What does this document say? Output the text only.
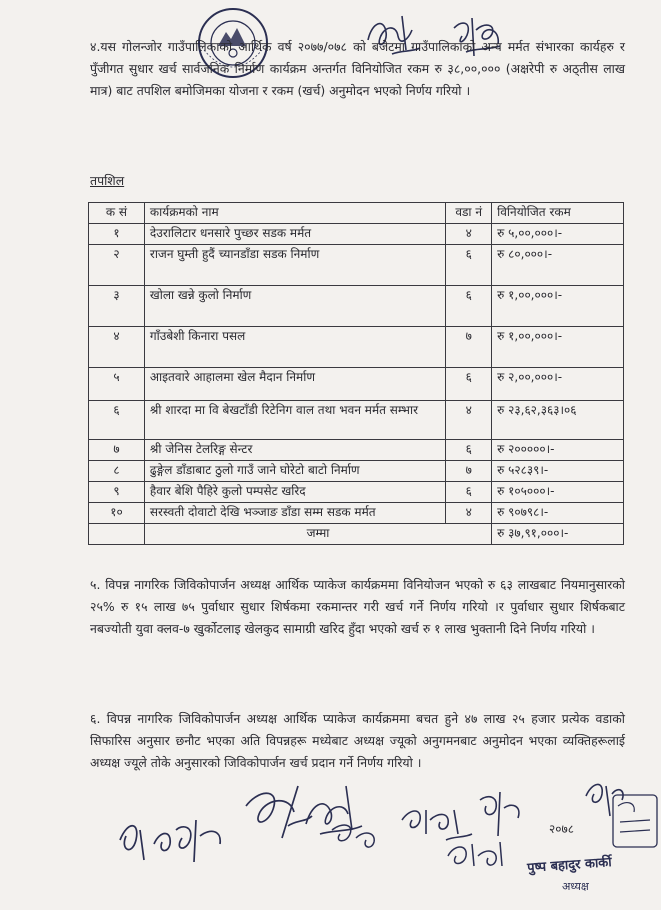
४.यस गोलन्जोर गाउँपालिकाको आर्थिक वर्ष २०७७/०७८ को बजेटमा गाउँपालिकाको अन्य मर्मत संभारका कार्यहरु र पुँजीगत सुधार खर्च सार्वजनिक निर्माण कार्यक्रम अन्तर्गत विनियोजित रकम रु ३८,००,००० (अक्षरेपी रु अठ्तीस लाख मात्र) बाट तपशिल बमोजिमका योजना र रकम (खर्च) अनुमोदन भएको निर्णय गरियो ।

तपशिल

क सं	कार्यक्रमको नाम	वडा नं	विनियोजित रकम
१	देउरालिटार धनसारे पुच्छर सडक मर्मत	४	रु ५,००,०००।-
२	राजन घुम्ती हुदैं च्यानडाँडा सडक निर्माण	६	रु ८०,०००।-
३	खोला खन्ने कुलो निर्माण	६	रु १,००,०००।-
४	गाँउबेशी किनारा पसल	७	रु १,००,०००।-
५	आइतवारे आहालमा खेल मैदान निर्माण	६	रु २,००,०००।-
६	श्री शारदा मा वि बेखटाँडी रिटेनिग वाल तथा भवन मर्मत सम्भार	४	रु २३,६२,३६३।०६
७	श्री जेनिस टेलरिङ्ग सेन्टर	६	रु २०००००।-
८	ढुङ्गेल डाँडाबाट ठुलो गाउँ जाने घोरेटो बाटो निर्माण	७	रु ५२८३९।-
९	हैवार बेशि पैहिरे कुलो पम्पसेट खरिद	६	रु १०५०००।-
१०	सरस्वती दोवाटो देखि भञ्जाङ डाँडा सम्म सडक मर्मत	४	रु ९०७९८।-
	जम्मा		रु ३७,९१,०००।-

५. विपन्न नागरिक जिविकोपार्जन अध्यक्ष आर्थिक प्याकेज कार्यक्रममा विनियोजन भएको रु ६३ लाखबाट नियमानुसारको २५% रु १५ लाख ७५ पुर्वाधार सुधार शिर्षकमा रकमान्तर गरी खर्च गर्ने निर्णय गरियो ।र पुर्वाधार सुधार शिर्षकबाट नबज्योती युवा क्लव-७ खुर्कोटलाइ खेलकुद सामाग्री खरिद हुँदा भएको खर्च रु १ लाख भुक्तानी दिने निर्णय गरियो ।

६. विपन्न नागरिक जिविकोपार्जन अध्यक्ष आर्थिक प्याकेज कार्यक्रममा बचत हुने ४७ लाख २५ हजार प्रत्येक वडाको सिफारिस अनुसार छनौट भएका अति विपन्नहरू मध्येबाट अध्यक्ष ज्यूको अनुगमनबाट अनुमोदन भएका व्यक्तिहरूलाई अध्यक्ष ज्यूले तोके अनुसारको जिविकोपार्जन खर्च प्रदान गर्ने निर्णय गरियो ।

२०७८
पुष्प बहादुर कार्की

अध्यक्ष
